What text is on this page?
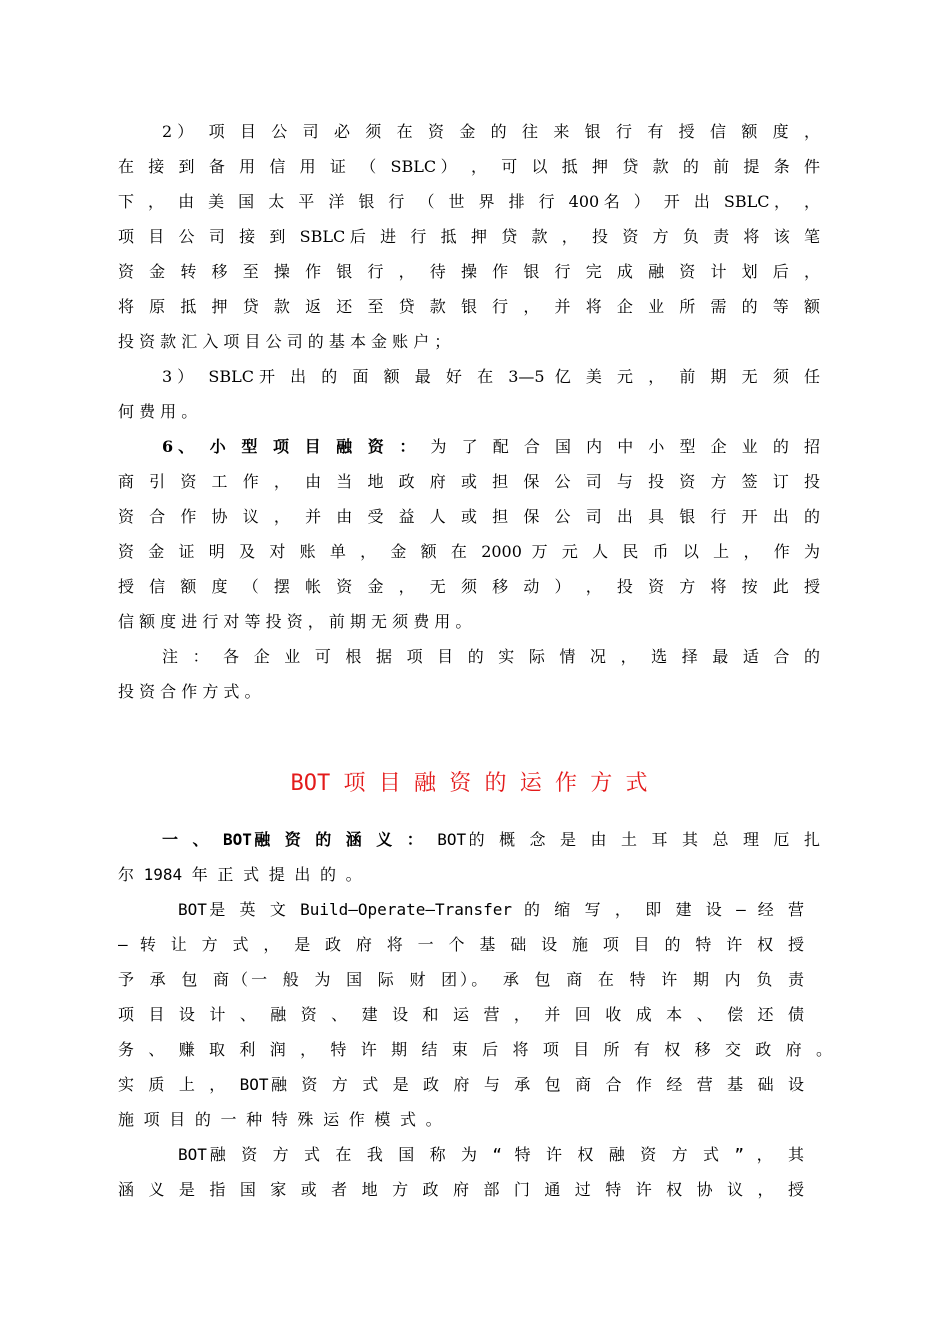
2） 项 目 公 司 必 须 在 资 金 的 往 来 银 行 有 授 信 额 度 ，
在 接 到 备 用 信 用 证 （ SBLC） ， 可 以 抵 押 贷 款 的 前 提 条 件
下 ， 由 美 国 太 平 洋 银 行 （ 世 界 排 行 400名 ） 开 出 SBLC， ，
项 目 公 司 接 到 SBLC后 进 行 抵 押 贷 款 ， 投 资 方 负 责 将 该 笔
资 金 转 移 至 操 作 银 行 ， 待 操 作 银 行 完 成 融 资 计 划 后 ，
将 原 抵 押 贷 款 返 还 至 贷 款 银 行 ， 并 将 企 业 所 需 的 等 额
投 资 款 汇 入 项 目 公 司 的 基 本 金 账 户 ；
3） SBLC开 出 的 面 额 最 好 在 3—5 亿 美 元 ， 前 期 无 须 任
何 费 用 。
6、 小 型 项 目 融 资 ： 为 了 配 合 国 内 中 小 型 企 业 的 招
商 引 资 工 作 ， 由 当 地 政 府 或 担 保 公 司 与 投 资 方 签 订 投
资 合 作 协 议 ， 并 由 受 益 人 或 担 保 公 司 出 具 银 行 开 出 的
资 金 证 明 及 对 账 单 ， 金 额 在 2000 万 元 人 民 币 以 上 ， 作 为
授 信 额 度 （ 摆 帐 资 金 ， 无 须 移 动 ） ， 投 资 方 将 按 此 授
信 额 度 进 行 对 等 投 资 ， 前 期 无 须 费 用 。
注 ： 各 企 业 可 根 据 项 目 的 实 际 情 况 ， 选 择 最 适 合 的
投 资 合 作 方 式 。
BOT 项 目 融 资 的 运 作 方 式
一 、 BOT融 资 的 涵 义 ： BOT的 概 念 是 由 土 耳 其 总 理 厄 扎
尔 1984 年 正 式 提 出 的 。
BOT是 英 文 Build—Operate—Transfer 的 缩 写 ， 即 建 设 — 经 营
— 转 让 方 式 ， 是 政 府 将 一 个 基 础 设 施 项 目 的 特 许 权 授
予 承 包 商（一 般 为 国 际 财 团）。 承 包 商 在 特 许 期 内 负 责
项 目 设 计 、 融 资 、 建 设 和 运 营 ， 并 回 收 成 本 、 偿 还 债
务 、 赚 取 利 润 ， 特 许 期 结 束 后 将 项 目 所 有 权 移 交 政 府 。
实 质 上 ， BOT融 资 方 式 是 政 府 与 承 包 商 合 作 经 营 基 础 设
施 项 目 的 一 种 特 殊 运 作 模 式 。
BOT融 资 方 式 在 我 国 称 为 “ 特 许 权 融 资 方 式 ” ， 其
涵 义 是 指 国 家 或 者 地 方 政 府 部 门 通 过 特 许 权 协 议 ， 授
